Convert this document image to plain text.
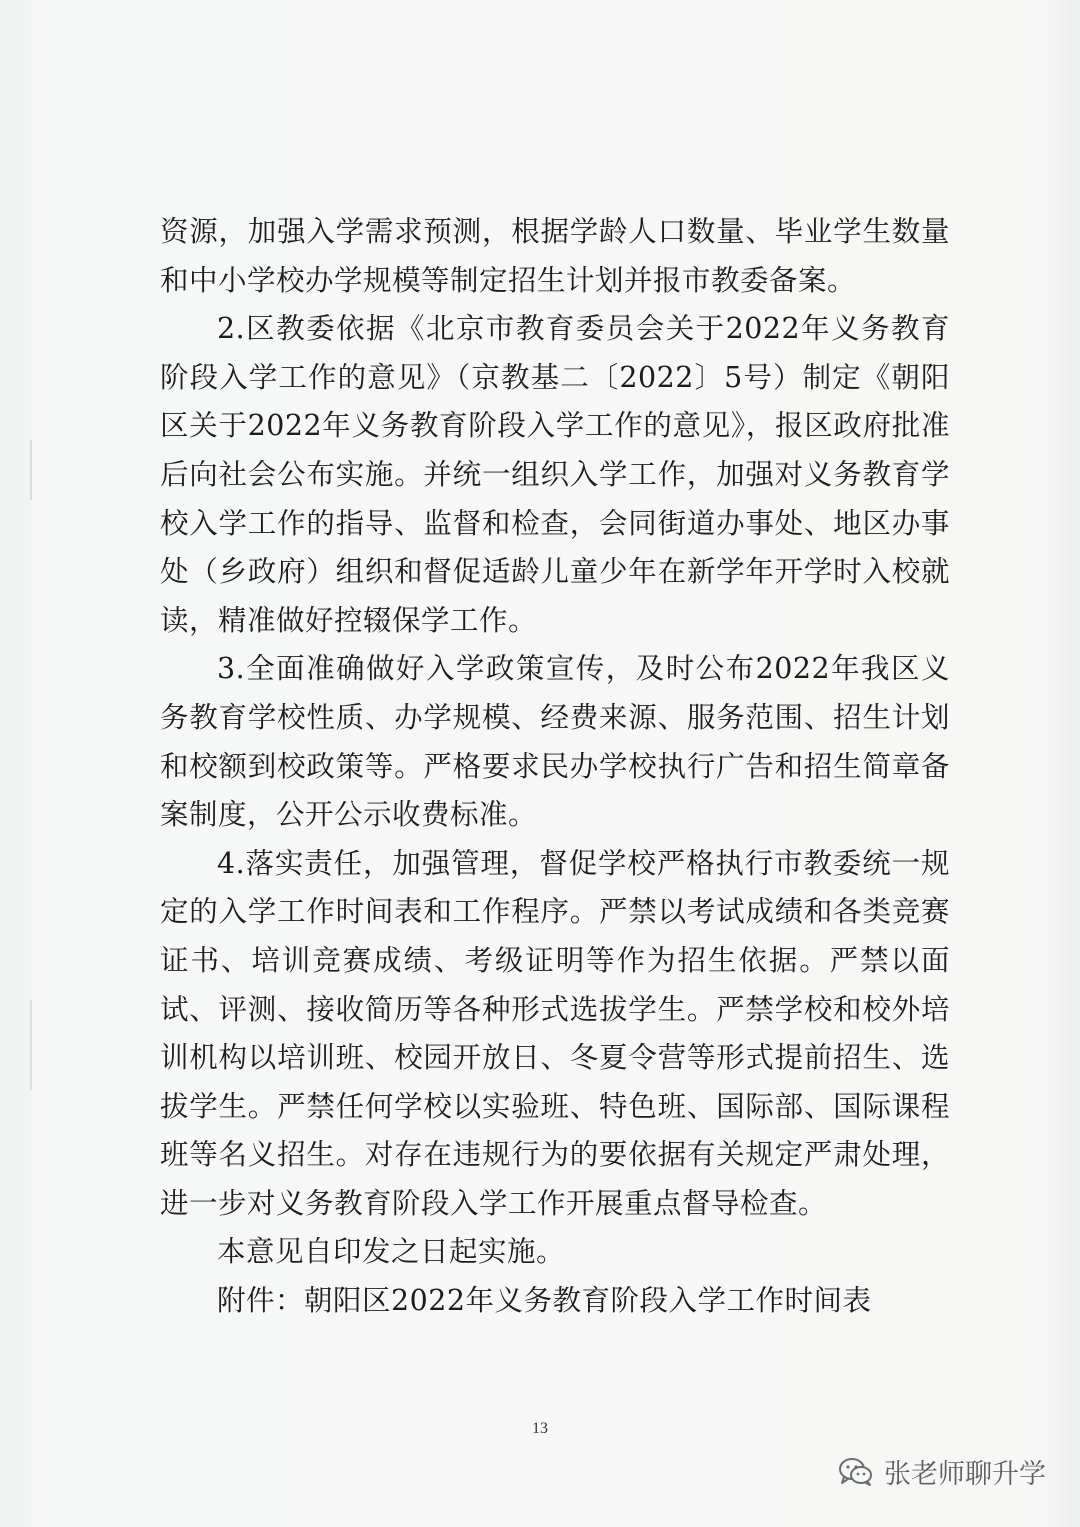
资源，加强入学需求预测，根据学龄人口数量、毕业学生数量和中小学校办学规模等制定招生计划并报市教委备案。

2.区教委依据《北京市教育委员会关于2022年义务教育阶段入学工作的意见》（京教基二〔2022〕5号）制定《朝阳区关于2022年义务教育阶段入学工作的意见》，报区政府批准后向社会公布实施。并统一组织入学工作，加强对义务教育学校入学工作的指导、监督和检查，会同街道办事处、地区办事处（乡政府）组织和督促适龄儿童少年在新学年开学时入校就读，精准做好控辍保学工作。

3.全面准确做好入学政策宣传，及时公布2022年我区义务教育学校性质、办学规模、经费来源、服务范围、招生计划和校额到校政策等。严格要求民办学校执行广告和招生简章备案制度，公开公示收费标准。

4.落实责任，加强管理，督促学校严格执行市教委统一规定的入学工作时间表和工作程序。严禁以考试成绩和各类竞赛证书、培训竞赛成绩、考级证明等作为招生依据。严禁以面试、评测、接收简历等各种形式选拔学生。严禁学校和校外培训机构以培训班、校园开放日、冬夏令营等形式提前招生、选拔学生。严禁任何学校以实验班、特色班、国际部、国际课程班等名义招生。对存在违规行为的要依据有关规定严肃处理，进一步对义务教育阶段入学工作开展重点督导检查。

本意见自印发之日起实施。

附件：朝阳区2022年义务教育阶段入学工作时间表

13
张老师聊升学
